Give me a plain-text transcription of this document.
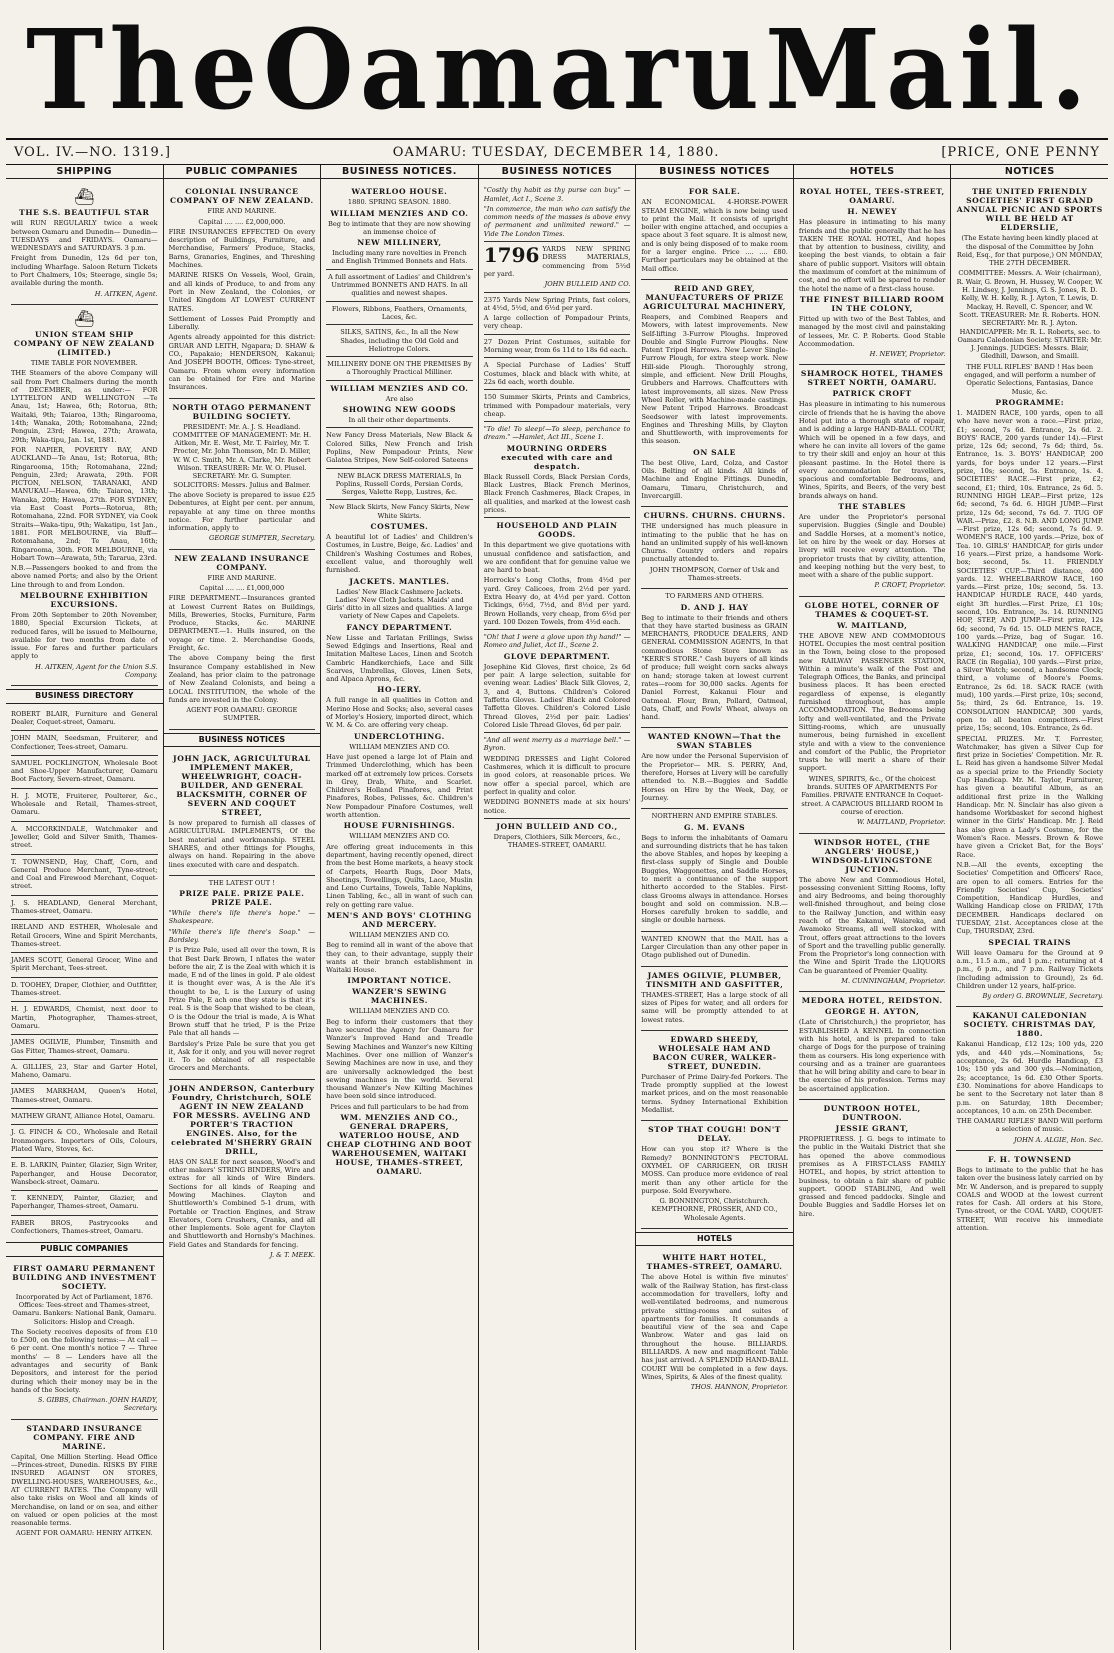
The Oamaru Mail.
VOL. IV.—NO. 1319.]	OAMARU: TUESDAY, DECEMBER 14, 1880.	[PRICE, ONE PENNY
SHIPPING
⛴
THE S.S. BEAUTIFUL STAR

will RUN REGULARLY twice a week between Oamaru and Dunedin— Dunedin—TUESDAYS and FRIDAYS. Oamaru—WEDNESDAYS and SATURDAYS. 3 p.m.

Freight from Dunedin, 12s 6d per ton, including Wharfage. Saloon Return Tickets to Port Chalmers, 10s; Steerage, single 5s; available during the month.

H. AITKEN, Agent.

⛴
UNION STEAM SHIP COMPANY OF NEW ZEALAND (LIMITED.)

TIME TABLE FOR NOVEMBER.

THE Steamers of the above Company will sail from Port Chalmers during the month of DECEMBER, as under:— FOR LYTTELTON AND WELLINGTON —Te Anau, 1st; Hawea, 6th; Rotorua, 8th; Waitaki, 9th; Taiaroa, 13th; Ringarooma, 14th; Wanaka, 20th; Rotomahana, 22nd; Penguin, 23rd; Hawea, 27th; Arawata, 29th; Waka-tipu, Jan. 1st, 1881.

FOR NAPIER, POVERTY BAY, AND AUCKLAND—Te Anau, 1st; Rotorua, 8th; Ringarooma, 15th; Rotomahana, 22nd; Penguin, 23rd; Arawata, 29th. FOR PICTON, NELSON, TARANAKI, AND MANUKAU—Hawea, 6th; Taiaroa, 13th; Wanaka, 20th; Hawea, 27th. FOR SYDNEY, via East Coast Ports—Rotorua, 8th; Rotomahana, 22nd. FOR SYDNEY, via Cook Straits—Waka-tipu, 9th; Wakatipu, 1st Jan., 1881. FOR MELBOURNE, via Bluff—Rotomahana, 2nd; Te Anau, 16th; Ringarooma, 30th. FOR MELBOURNE, via Hobart Town—Arawata, 5th; Tararua, 23rd.

N.B.—Passengers booked to and from the above named Ports; and also by the Orient Line through to and from London.

MELBOURNE EXHIBITION EXCURSIONS.

From 20th September to 20th November, 1880, Special Excursion Tickets, at reduced fares, will be issued to Melbourne, available for two months from date of issue. For fares and further particulars apply to

H. AITKEN, Agent for the Union S.S. Company.

BUSINESS DIRECTORY
ROBERT BLAIR, Furniture and General Dealer, Coquet-street, Oamaru.
JOHN MAIN, Seedsman, Fruiterer, and Confectioner, Tees-street, Oamaru.
SAMUEL POCKLINGTON, Wholesale Boot and Shoe-Upper Manufacturer, Oamaru Boot Factory, Severn-street, Oamaru.
H. J. MOTE, Fruiterer, Poulterer, &c., Wholesale and Retail, Thames-street, Oamaru.
A. MCCORKINDALE, Watchmaker and Jeweller, Gold and Silver Smith, Thames-street.
T. TOWNSEND, Hay, Chaff, Corn, and General Produce Merchant, Tyne-street; and Coal and Firewood Merchant, Coquet-street.
J. S. HEADLAND, General Merchant, Thames-street, Oamaru.
IRELAND AND ESTHER, Wholesale and Retail Grocers, Wine and Spirit Merchants, Thames-street.
JAMES SCOTT, General Grocer, Wine and Spirit Merchant, Tees-street.
D. TOOHEY, Draper, Clothier, and Outfitter, Thames-street.
H. J. EDWARDS, Chemist, next door to Martin, Photographer, Thames-street, Oamaru.
JAMES OGILVIE, Plumber, Tinsmith and Gas Fitter, Thames-street, Oamaru.
A. GILLIES, 23, Star and Garter Hotel, Maheno, Oamaru.
JAMES MARKHAM, Queen's Hotel, Thames-street, Oamaru.
MATHEW GRANT, Alliance Hotel, Oamaru.
J. G. FINCH & CO., Wholesale and Retail Ironmongers. Importers of Oils, Colours, Plated Ware, Stoves, &c.
E. B. LARKIN, Painter, Glazier, Sign Writer, Paperhanger, and House Decorator, Wansbeck-street, Oamaru.
T. KENNEDY, Painter, Glazier, and Paperhanger, Thames-street, Oamaru.
FABER BROS, Pastrycooks and Confectioners, Thames-street, Oamaru.
PUBLIC COMPANIES
FIRST OAMARU PERMANENT BUILDING AND INVESTMENT SOCIETY.

Incorporated by Act of Parliament, 1876. Offices: Tees-street and Thames-street, Oamaru. Bankers: National Bank, Oamaru. Solicitors: Hislop and Creagh.

The Society receives deposits of from £10 to £500, on the following terms:— At call — 6 per cent. One month's notice 7 — Three months' — 8 — Lenders have all the advantages and security of Bank Depositors, and interest for the period during which their money may be in the hands of the Society.

S. GIBBS, Chairman. JOHN HARDY, Secretary.

STANDARD INSURANCE COMPANY. FIRE AND MARINE.

Capital, One Million Sterling. Head Office—Princes-street, Dunedin. RISKS BY FIRE INSURED AGAINST ON STORES, DWELLING-HOUSES, WAREHOUSES, &c., AT CURRENT RATES. The Company will also take risks on Wool and all kinds of Merchandise, on land or on sea, and either on valued or open policies at the most reasonable terms.

AGENT FOR OAMARU: HENRY AITKEN.

PUBLIC COMPANIES
COLONIAL INSURANCE COMPANY OF NEW ZEALAND.

FIRE AND MARINE.

Capital .... .... £2,000,000.

FIRE INSURANCES EFFECTED On every description of Buildings, Furniture, and Merchandise, Farmers' Produce, Stacks, Barns, Granaries, Engines, and Threshing Machines.

MARINE RISKS On Vessels, Wool, Grain, and all kinds of Produce, to and from any Port in New Zealand, the Colonies, or United Kingdom AT LOWEST CURRENT RATES.

Settlement of Losses Paid Promptly and Liberally.

Agents already appointed for this district: GRUAR AND LEITH, Ngapara; D. SHAW & CO., Papakaio; HENDERSON, Kakanui; And JOSEPH BOOTH, Offices: Tyne-street, Oamaru. From whom every information can be obtained for Fire and Marine Insurances.

NORTH OTAGO PERMANENT BUILDING SOCIETY.

PRESIDENT: Mr. A. J. S. Headland. COMMITTEE OF MANAGEMENT: Mr. H. Aitken, Mr. E. West, Mr. T. Fairley, Mr. T. Procter, Mr. John Thomson, Mr. D. Miller, W. W. C. Smith, Mr. A. Clarke, Mr. Robert Wilson. TREASURER: Mr. W. O. Plusel. SECRETARY: Mr. G. Sumpter. SOLICITORS: Messrs. Julius and Balmer.

The above Society is prepared to issue £25 Debentures, at Eight per cent. per annum, repayable at any time on three months notice. For further particular and information, apply to

GEORGE SUMPTER, Secretary.

NEW ZEALAND INSURANCE COMPANY.

FIRE AND MARINE.

Capital .... .... £1,000,000

FIRE DEPARTMENT.—Insurances granted at Lowest Current Rates on Buildings, Mills, Breweries, Stocks, Furniture, Farm Produce, Stacks, &c. MARINE DEPARTMENT.—1. Hulls insured, on the voyage or time. 2. Merchandise Goods, Freight, &c.

The above Company being the first Insurance Company established in New Zealand, has prior claim to the patronage of New Zealand Colonists, and being a LOCAL INSTITUTION, the whole of the funds are invested in the Colony.

AGENT FOR OAMARU: GEORGE SUMPTER.

BUSINESS NOTICES
JOHN JACK, AGRICULTURAL IMPLEMENT MAKER, WHEELWRIGHT, COACH-BUILDER, AND GENERAL BLACKSMITH, CORNER OF SEVERN AND COQUET STREET,

Is now prepared to furnish all classes of AGRICULTURAL IMPLEMENTS, Of the best material and workmanship. STEEL SHARES, and other fittings for Ploughs, always on hand. Repairing in the above lines executed with care and despatch.

THE LATEST OUT !

PRIZE PALE. PRIZE PALE. PRIZE PALE.

"While there's life there's hope." —Shakespeare.

"While there's life there's Soap." —Bardsley.

P is Prize Pale, used all over the town, R is that Best Dark Brown, I nflates the water before the air, Z is the Zeal with which it is made, E nd of the lines in gold. P ale oldest it is thought ever was, A is the Ale it's thought to be, L is the Luxury of using Prize Pale, E ach one they state is that it's real. S is the Soap that wished to be clean, O is the Odour the trial is made, A is What Brown stuff that he tried, P is the Prize Pale that all hands —

Bardsley's Prize Pale be sure that you get it, Ask for it only, and you will never regret it. To be obtained of all respectable Grocers and Merchants.

JOHN ANDERSON, Canterbury Foundry, Christchurch, SOLE AGENT IN NEW ZEALAND FOR MESSRS. AVELING AND PORTER'S TRACTION ENGINES. Also, for the celebrated M'SHERRY GRAIN DRILL,

HAS ON SALE for next season, Wood's and other makers' STRING BINDERS, Wire and extras for all kinds of Wire Binders. Sections for all kinds of Reaping and Mowing Machines. Clayton and Shuttleworth's Combined 5-1 drum, with Portable or Traction Engines, and Straw Elevators, Corn Crushers, Cranks, and all other Implements. Sole agent for Clayton and Shuttleworth and Hornsby's Machines. Field Gates and Standards for fencing.

J. & T. MEEK.

BUSINESS NOTICES.
WATERLOO HOUSE.

1880. SPRING SEASON. 1880.

WILLIAM MENZIES AND CO.

Beg to intimate that they are now showing an immense choice of

NEW MILLINERY,

Including many rare novelties in French and English Trimmed Bonnets and Hats.

A full assortment of Ladies' and Children's Untrimmed BONNETS AND HATS. In all qualities and newest shapes.

Flowers, Ribbons, Feathers, Ornaments, Laces, &c.

SILKS, SATINS, &c., In all the New Shades, including the Old Gold and Heliotrope Colors.

MILLINERY DONE ON THE PREMISES By a Thoroughly Practical Milliner.

WILLIAM MENZIES AND CO.

Are also

SHOWING NEW GOODS

In all their other departments.

New Fancy Dress Materials, New Black & Colored Silks, New French and Irish Poplins, New Pompadour Prints, New Galatea Stripes, New Self-colored Sateens

NEW BLACK DRESS MATERIALS, In Poplins, Russell Cords, Persian Cords, Serges, Valette Repp, Lustres, &c.

New Black Skirts, New Fancy Skirts, New White Skirts.

COSTUMES.

A beautiful lot of Ladies' and Children's Costumes, in Lustre, Beige, &c. Ladies' and Children's Washing Costumes and Robes, excellent value, and thoroughly well furnished.

JACKETS. MANTLES.

Ladies' New Black Cashmere Jackets. Ladies' New Cloth Jackets. Maids' and Girls' ditto in all sizes and qualities. A large variety of New Capes and Capelets.

FANCY DEPARTMENT.

New Lisse and Tarlatan Frillings, Swiss Sewed Edgings and Insertions, Real and Imitation Maltese Laces, Linen and Scotch Cambric Handkerchiefs, Lace and Silk Scarves, Umbrellas, Gloves, Linen Sets, and Alpaca Aprons, &c.

HO-IERY.

A full range in all qualities in Cotton and Merino Hose and Socks; also, several cases of Morley's Hosiery, imported direct, which W. M. & Co. are offering very cheap.

UNDERCLOTHING.

WILLIAM MENZIES AND CO.

Have just opened a large lot of Plain and Trimmed Underclothing, which has been marked off at extremely low prices. Corsets in Grey, Drab, White, and Scarlet. Children's Holland Pinafores, and Print Pinafores, Robes, Pelisses, &c. Children's New Pompadour Pinafore Costumes, well worth attention.

HOUSE FURNISHINGS.

WILLIAM MENZIES AND CO.

Are offering great inducements in this department, having recently opened, direct from the best Home markets, a heavy stock of Carpets, Hearth Rugs, Door Mats, Sheetings, Towellings, Quilts, Lace, Muslin and Leno Curtains, Towels, Table Napkins, Linen Tabling, &c., all in want of such can rely on getting rare value.

MEN'S AND BOYS' CLOTHING AND MERCERY.

WILLIAM MENZIES AND CO.

Beg to remind all in want of the above that they can, to their advantage, supply their wants at their branch establishment in Waitaki House.

IMPORTANT NOTICE.
WANZER'S SEWING MACHINES.

WILLIAM MENZIES AND CO.

Beg to inform their customers that they have secured the Agency for Oamaru for Wanzer's Improved Hand and Treadle Sewing Machines and Wanzer's new Kilting Machines. Over one million of Wanzer's Sewing Machines are now in use, and they are universally acknowledged the best sewing machines in the world. Several thousand Wanzer's New Kilting Machines have been sold since introduced.

Prices and full particulars to be had from

WM. MENZIES AND CO., GENERAL DRAPERS, WATERLOO HOUSE, AND CHEAP CLOTHING AND BOOT WAREHOUSEMEN, WAITAKI HOUSE, THAMES-STREET, OAMARU.
BUSINESS NOTICES

"Costly thy habit as thy purse can buy." —Hamlet, Act I., Scene 3.

"In commerce, the man who can satisfy the common needs of the masses is above envy of permanent and unlimited reward." —Vide The London Times.

1796 YARDS NEW SPRING DRESS MATERIALS, commencing from 5½d per yard.

JOHN BULLEID AND CO.

2375 Yards New Spring Prints, fast colors, at 4½d, 5½d, and 6½d per yard.

A large collection of Pompadour Prints, very cheap.

27 Dozen Print Costumes, suitable for Morning wear, from 6s 11d to 18s 6d each.

A Special Purchase of Ladies' Stuff Costumes, black and black with white, at 22s 6d each, worth double.

150 Summer Skirts, Prints and Cambrics, trimmed with Pompadour materials, very cheap.

"To die! To sleep!—To sleep, perchance to dream." —Hamlet, Act III., Scene 1.

MOURNING ORDERS executed with care and despatch.

Black Russell Cords, Black Persian Cords, Black Lustres, Black French Merinos, Black French Cashmeres, Black Crapes, in all qualities, and marked at the lowest cash prices.

HOUSEHOLD AND PLAIN GOODS.

In this department we give quotations with unusual confidence and satisfaction, and we are confident that for genuine value we are hard to beat.

Horrocks's Long Cloths, from 4½d per yard. Grey Calicoes, from 2½d per yard. Extra Heavy do, at 4½d per yard. Cotton Tickings, 6½d, 7½d, and 8½d per yard. Brown Hollands, very cheap, from 6½d per yard. 100 Dozen Towels, from 4½d each.

"Oh! that I were a glove upon thy hand!" —Romeo and Juliet, Act II., Scene 2.

GLOVE DEPARTMENT.

Josephine Kid Gloves, first choice, 2s 6d per pair. A large selection, suitable for evening wear. Ladies' Black Silk Gloves, 2, 3, and 4, Buttons. Children's Colored Taffetta Gloves. Ladies' Black and Colored Taffetta Gloves. Children's Colored Lisle Thread Gloves, 2½d per pair. Ladies' Colored Lisle Thread Gloves, 6d per pair.

"And all went merry as a marriage bell." —Byron.

WEDDING DRESSES and Light Colored Cashmeres, which it is difficult to procure in good colors, at reasonable prices. We now offer a special parcel, which are perfect in quality and color.

WEDDING BONNETS made at six hours' notice.

JOHN BULLEID AND CO.,

Drapers, Clothiers, Silk Mercers, &c., THAMES-STREET, OAMARU.

BUSINESS NOTICES
FOR SALE.

AN ECONOMICAL 4-HORSE-POWER STEAM ENGINE, which is now being used to print the Mail. It consists of upright boiler with engine attached, and occupies a space about 3 feet square. It is almost new, and is only being disposed of to make room for a larger engine. Price .... .... £80. Further particulars may be obtained at the Mail office.

REID AND GREY, MANUFACTURERS OF PRIZE AGRICULTURAL MACHINERY,

Reapers, and Combined Reapers and Mowers, with latest improvements. New Self-lifting 3-Furrow Ploughs. Improved Double and Single Furrow Ploughs. New Patent Tripod Harrows. New Lever Single-Furrow Plough, for extra steep work. New Hill-side Plough. Thoroughly strong, simple, and efficient. New Drill Ploughs, Grubbers and Harrows. Chaffcutters with latest improvements, all sizes. New Press Wheel Roller, with Machine-made castings. New Patent Tripod Harrows. Broadcast Seedsower with latest improvements. Engines and Threshing Mills, by Clayton and Shuttleworth, with improvements for this season.

ON SALE

The best Olive, Lard, Colza, and Castor Oils. Belting of all kinds. All kinds of Machine and Engine Fittings. Dunedin, Oamaru, Timaru, Christchurch, and Invercargill.

CHURNS. CHURNS. CHURNS.

THE undersigned has much pleasure in intimating to the public that he has on hand an unlimited supply of his well-known Churns. Country orders and repairs punctually attended to.

JOHN THOMPSON, Corner of Usk and Thames-streets.

TO FARMERS AND OTHERS.

D. AND J. HAY

Beg to intimate to their friends and others that they have started business as GRAIN MERCHANTS, PRODUCE DEALERS, AND GENERAL COMMISSION AGENTS, In that commodious Stone Store known as "KERR'S STORE." Cash buyers of all kinds of produce; full weight corn sacks always on hand; storage taken at lowest current rates—room for 30,000 sacks. Agents for Daniel Forrest, Kakanui Flour and Oatmeal. Flour, Bran, Pollard, Oatmeal, Oats, Chaff, and Fowls' Wheat, always on hand.

WANTED KNOWN—That the SWAN STABLES

Are now under the Personal Supervision of the Proprietor— MR. S. PERRY, And, therefore, Horses at Livery will be carefully attended to. N.B.—Buggies and Saddle Horses on Hire by the Week, Day, or Journey.

NORTHERN AND EMPIRE STABLES.

G. M. EVANS

Begs to inform the inhabitants of Oamaru and surrounding districts that he has taken the above Stables, and hopes by keeping a first-class supply of Single and Double Buggies, Waggonettes, and Saddle Horses, to merit a continuance of the support hitherto accorded to the Stables. First-class Grooms always in attendance. Horses bought and sold on commission. N.B.—Horses carefully broken to saddle, and single or double harness.

WANTED KNOWN that the MAIL has a Larger Circulation than any other paper in Otago published out of Dunedin.

JAMES OGILVIE, PLUMBER, TINSMITH AND GASFITTER,

THAMES-STREET, Has a large stock of all sizes of Pipes for water, and all orders for same will be promptly attended to at lowest rates.

EDWARD SHEEDY, WHOLESALE HAM AND BACON CURER, WALKER-STREET, DUNEDIN.

Purchaser of Prime Dairy-fed Porkers. The Trade promptly supplied at the lowest market prices, and on the most reasonable terms. Sydney International Exhibition Medallist.

STOP THAT COUGH! DON'T DELAY.

How can you stop it? Where is the Remedy? BONNINGTON'S PECTORAL OXYMEL OF CARRIGEEN, OR IRISH MOSS. Can produce more evidence of real merit than any other article for the purpose. Sold Everywhere.

G. BONNINGTON, Christchurch. KEMPTHORNE, PROSSER, AND CO., Wholesale Agents.

HOTELS
WHITE HART HOTEL, THAMES-STREET, OAMARU.

The above Hotel is within five minutes' walk of the Railway Station, has first-class accommodation for travellers, lofty and well-ventilated bedrooms, and numerous private sitting-rooms and suites of apartments for families. It commands a beautiful view of the sea and Cape Wanbrow. Water and gas laid on throughout the house. BILLIARDS. BILLIARDS. A new and magnificent Table has just arrived. A SPLENDID HAND-BALL COURT Will be completed in a few days. Wines, Spirits, & Ales of the finest quality.

THOS. HANNON, Proprietor.

HOTELS
ROYAL HOTEL, TEES-STREET, OAMARU.
H. NEWEY

Has pleasure in intimating to his many friends and the public generally that he has TAKEN THE ROYAL HOTEL, And hopes that by attention to business, civility, and keeping the best viands, to obtain a fair share of public support. Visitors will obtain the maximum of comfort at the minimum of cost, and no effort will be spared to render the hotel the name of a first-class house.

THE FINEST BILLIARD ROOM IN THE COLONY,

Fitted up with two of the Best Tables, and managed by the most civil and painstaking of lessees, Mr. C. P. Roberts. Good Stable Accommodation.

H. NEWEY, Proprietor.

SHAMROCK HOTEL, THAMES STREET NORTH, OAMARU.
PATRICK CROFT

Has pleasure in intimating to his numerous circle of friends that he is having the above Hotel put into a thorough state of repair, and is adding a large HAND-BALL COURT, Which will be opened in a few days, and where he can invite all lovers of the game to try their skill and enjoy an hour at this pleasant pastime. In the Hotel there is every accommodation for travellers, spacious and comfortable Bedrooms, and Wines, Spirits, and Beers, of the very best brands always on hand.

THE STABLES

Are under the Proprietor's personal supervision. Buggies (Single and Double) and Saddle Horses, at a moment's notice, let on hire by the week or day. Horses at livery will receive every attention. The proprietor trusts that by civility, attention, and keeping nothing but the very best, to meet with a share of the public support.

P. CROFT, Proprietor.

GLOBE HOTEL, CORNER OF THAMES & COQUET-ST.
W. MAITLAND,

THE ABOVE NEW AND COMMODIOUS HOTEL Occupies the most central position in the Town, being close to the proposed new RAILWAY PASSENGER STATION, Within a minute's walk of the Post and Telegraph Offices, the Banks, and principal business places. It has been erected regardless of expense, is elegantly furnished throughout, has ample ACCOMMODATION. The Bedrooms being lofty and well-ventilated, and the Private Sitting-rooms, which are unusually numerous, being furnished in excellent style and with a view to the convenience and comfort of the Public, the Proprietor trusts he will merit a share of their support.

WINES, SPIRITS, &c., Of the choicest brands. SUITES OF APARTMENTS For Families. PRIVATE ENTRANCE In Coquet-street. A CAPACIOUS BILLIARD ROOM In course of erection.

W. MAITLAND, Proprietor.

WINDSOR HOTEL, (THE ANGLERS' HOUSE,) WINDSOR-LIVINGSTONE JUNCTION.

The above New and Commodious Hotel, possessing convenient Sitting Rooms, lofty and airy Bedrooms, and being thoroughly well-finished throughout, and being close to the Railway Junction, and within easy reach of the Kakanui, Waiareka, and Awamoko Streams, all well stocked with Trout, offers great attractions to the lovers of Sport and the travelling public generally. From the Proprietor's long connection with the Wine and Spirit Trade the LIQUORS Can be guaranteed of Premier Quality.

M. CUNNINGHAM, Proprietor.

MEDORA HOTEL, REIDSTON.
GEORGE H. AYTON,

(Late of Christchurch,) the proprietor, has ESTABLISHED A KENNEL In connection with his hotel, and is prepared to take charge of Dogs for the purpose of training them as coursers. His long experience with coursing and as a trainer are guarantees that he will bring ability and care to bear in the exercise of his profession. Terms may be ascertained application.

DUNTROON HOTEL, DUNTROON.
JESSIE GRANT,

PROPRIETRESS. J. G. begs to intimate to the public in the Waitaki District that she has opened the above commodious premises as A FIRST-CLASS FAMILY HOTEL, and hopes, by strict attention to business, to obtain a fair share of public support. GOOD STABLING, And well grassed and fenced paddocks. Single and Double Buggies and Saddle Horses let on hire.

NOTICES
THE UNITED FRIENDLY SOCIETIES' FIRST GRAND ANNUAL PICNIC AND SPORTS WILL BE HELD AT ELDERSLIE,

(The Estate having been kindly placed at the disposal of the Committee by John Reid, Esq., for that purpose,) ON MONDAY, THE 27TH DECEMBER.

COMMITTEE: Messrs. A. Weir (chairman), R. Wair, G. Brown, H. Hussey, W. Cooper, W. H. Lindsey, J. Jennings, G. S. Jones, R. D. Kelly, W. H. Kelly, R. J. Ayton, T. Lewis, D. Mackay, H. Revell, C. Spencer, and W. Scott. TREASURER: Mr. R. Roberts. HON. SECRETARY: Mr. R. J. Ayton. HANDICAPPER: Mr. R. L. Roberts, sec. to Oamaru Caledonian Society. STARTER: Mr. J. Jennings. JUDGES: Messrs. Blair, Gledhill, Dawson, and Smaill.

THE FULL RIFLES' BAND ! Has been engaged, and will perform a number of Operatic Selections, Fantasias, Dance Music, &c.

PROGRAMME:

1. MAIDEN RACE, 100 yards, open to all who have never won a race.—First prize, £1; second, 7s 6d. Entrance, 2s 6d. 2. BOYS' RACE, 200 yards (under 14).—First prize, 12s 6d; second, 7s 6d; third, 5s. Entrance, 1s. 3. BOYS' HANDICAP, 200 yards, for boys under 12 years.—First prize, 10s; second, 5s. Entrance, 1s. 4. SOCIETIES' RACE.—First prize, £2; second, £1; third, 10s. Entrance, 2s 6d. 5. RUNNING HIGH LEAP.—First prize, 12s 6d; second, 7s 6d. 6. HIGH JUMP.—First prize, 12s 6d; second, 7s 6d. 7. TUG OF WAR.—Prize, £2. 8. N.B. AND LONG JUMP.—First prize, 12s 6d; second, 7s 6d. 9. WOMEN'S RACE, 100 yards.—Prize, box of Tea. 10. GIRLS' HANDICAP, for girls under 16 years.—First prize, a handsome Work-box; second, 5s. 11. FRIENDLY SOCIETIES' CUP.—Third distance, 400 yards. 12. WHEELBARROW RACE, 160 yards.—First prize, 10s; second, 5s. 13. HANDICAP HURDLE RACE, 440 yards, eight 3ft hurdles.—First Prize, £1 10s; second, 10s. Entrance, 3s. 14. RUNNING HOP, STEP, AND JUMP.—First prize, 12s 6d; second, 7s 6d. 15. OLD MEN'S RACE, 100 yards.—Prize, bag of Sugar. 16. WALKING HANDICAP, one mile.—First prize, £1; second, 10s. 17. OFFICERS' RACE (in Regalia), 100 yards.—First prize, a Silver Watch; second, a handsome Clock; third, a volume of Moore's Poems. Entrance, 2s 6d. 18. SACK RACE (with mud), 100 yards.—First prize, 10s; second, 5s; third, 2s 6d. Entrance, 1s. 19. CONSOLATION HANDICAP, 300 yards, open to all beaten competitors.—First prize, 15s; second, 10s. Entrance, 2s 6d.

SPECIAL PRIZES. Mr. T. Forrester, Watchmaker, has given a Silver Cup for first prize in Societies' Competition. Mr. R. L. Reid has given a handsome Silver Medal as a special prize to the Friendly Society Cup Handicap. Mr. M. Taylor, Furniturer, has given a beautiful Album, as an additional first prize in the Walking Handicap. Mr. N. Sinclair has also given a handsome Workbasket for second highest winner in the Girls' Handicap. Mr. J. Reid has also given a Lady's Costume, for the Women's Race. Messrs. Brown & Rowe have given a Cricket Bat, for the Boys' Race.

N.B.—All the events, excepting the Societies' Competition and Officers' Race, are open to all comers. Entries for the Friendly Societies' Cup, Societies' Competition, Handicap Hurdles, and Walking Handicap close on FRIDAY, 17th DECEMBER. Handicaps declared on TUESDAY, 21st. Acceptances close at the Cup, THURSDAY, 23rd.

SPECIAL TRAINS

Will leave Oamaru for the Ground at 9 a.m., 11.5 a.m., and 1 p.m.; returning at 4 p.m., 6 p.m., and 7 p.m. Railway Tickets (including admission to Ground), 2s 6d. Children under 12 years, half-price.

By order) G. BROWNLIE, Secretary.

KAKANUI CALEDONIAN SOCIETY. CHRISTMAS DAY, 1880.

Kakanui Handicap, £12 12s; 100 yds, 220 yds, and 440 yds.—Nominations, 5s; acceptance, 2s 6d. Hurdle Handicap, £3 10s; 150 yds and 300 yds.—Nomination, 2s; acceptance, 1s 6d. £30 Other Sports. £30. Nominations for above Handicaps to be sent to the Secretary not later than 8 p.m. on Saturday, 18th December; acceptances, 10 a.m. on 25th December.

THE OAMARU RIFLES' BAND Will perform a selection of music.

JOHN A. ALGIE, Hon. Sec.

F. H. TOWNSEND

Begs to intimate to the public that he has taken over the business lately carried on by Mr. W. Anderson, and is prepared to supply COALS and WOOD at the lowest current rates for Cash. All orders at his Store, Tyne-street, or the COAL YARD, COQUET-STREET, Will receive his immediate attention.
